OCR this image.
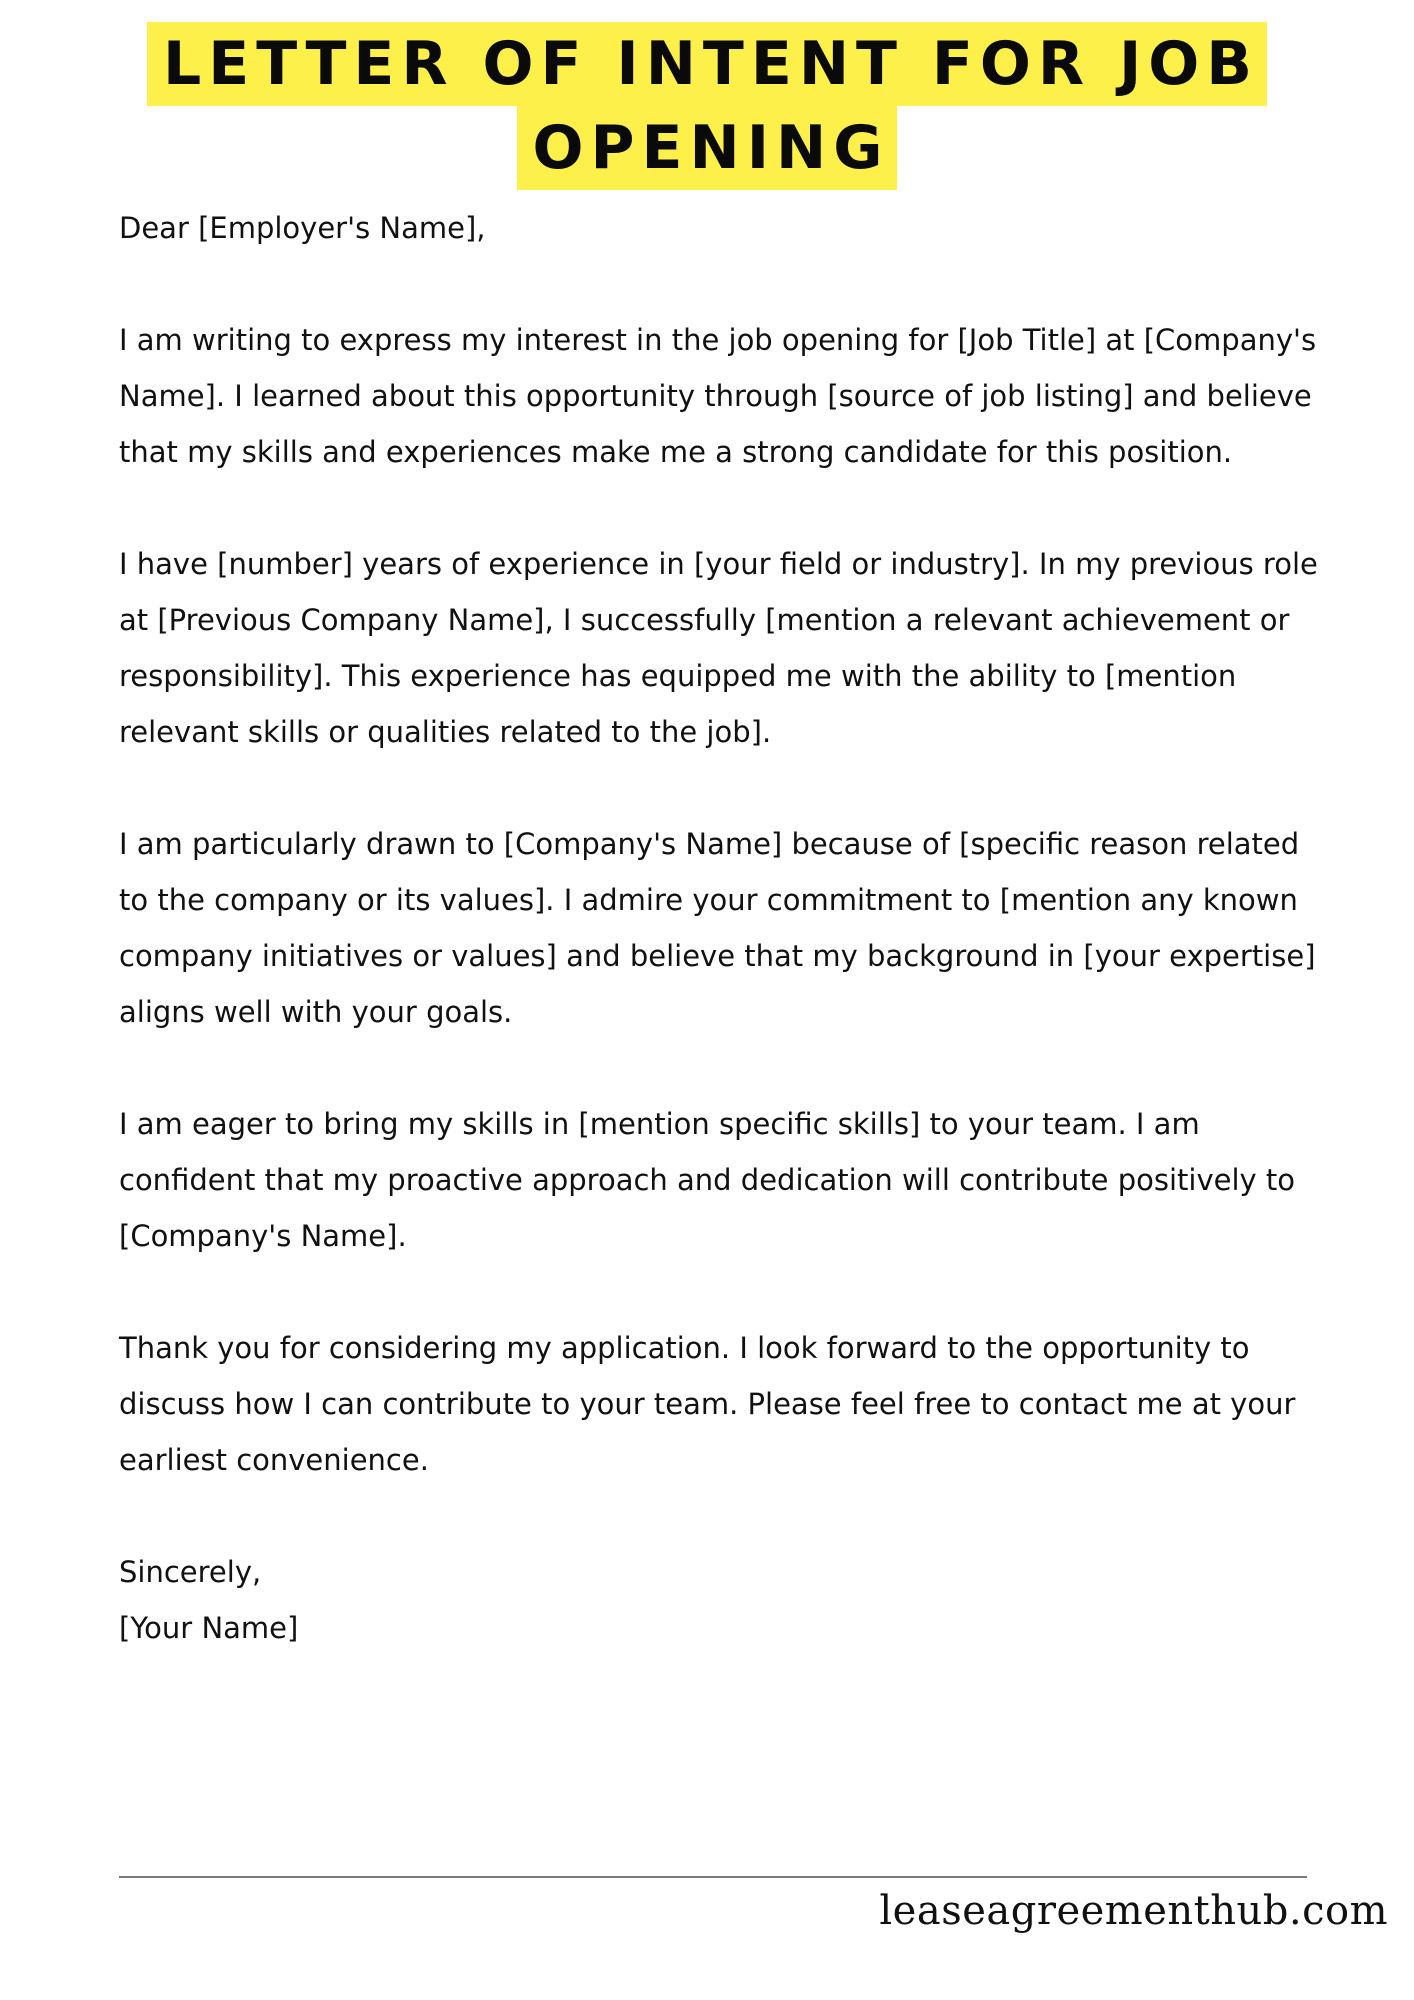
LETTER OF INTENT FOR JOB
OPENING

Dear [Employer's Name],

I am writing to express my interest in the job opening for [Job Title] at [Company's Name]. I learned about this opportunity through [source of job listing] and believe that my skills and experiences make me a strong candidate for this position.

I have [number] years of experience in [your field or industry]. In my previous role at [Previous Company Name], I successfully [mention a relevant achievement or responsibility]. This experience has equipped me with the ability to [mention relevant skills or qualities related to the job].

I am particularly drawn to [Company's Name] because of [specific reason related to the company or its values]. I admire your commitment to [mention any known company initiatives or values] and believe that my background in [your expertise] aligns well with your goals.

I am eager to bring my skills in [mention specific skills] to your team. I am confident that my proactive approach and dedication will contribute positively to [Company's Name].

Thank you for considering my application. I look forward to the opportunity to discuss how I can contribute to your team. Please feel free to contact me at your earliest convenience.

Sincerely,
[Your Name]
leaseagreementhub.com
